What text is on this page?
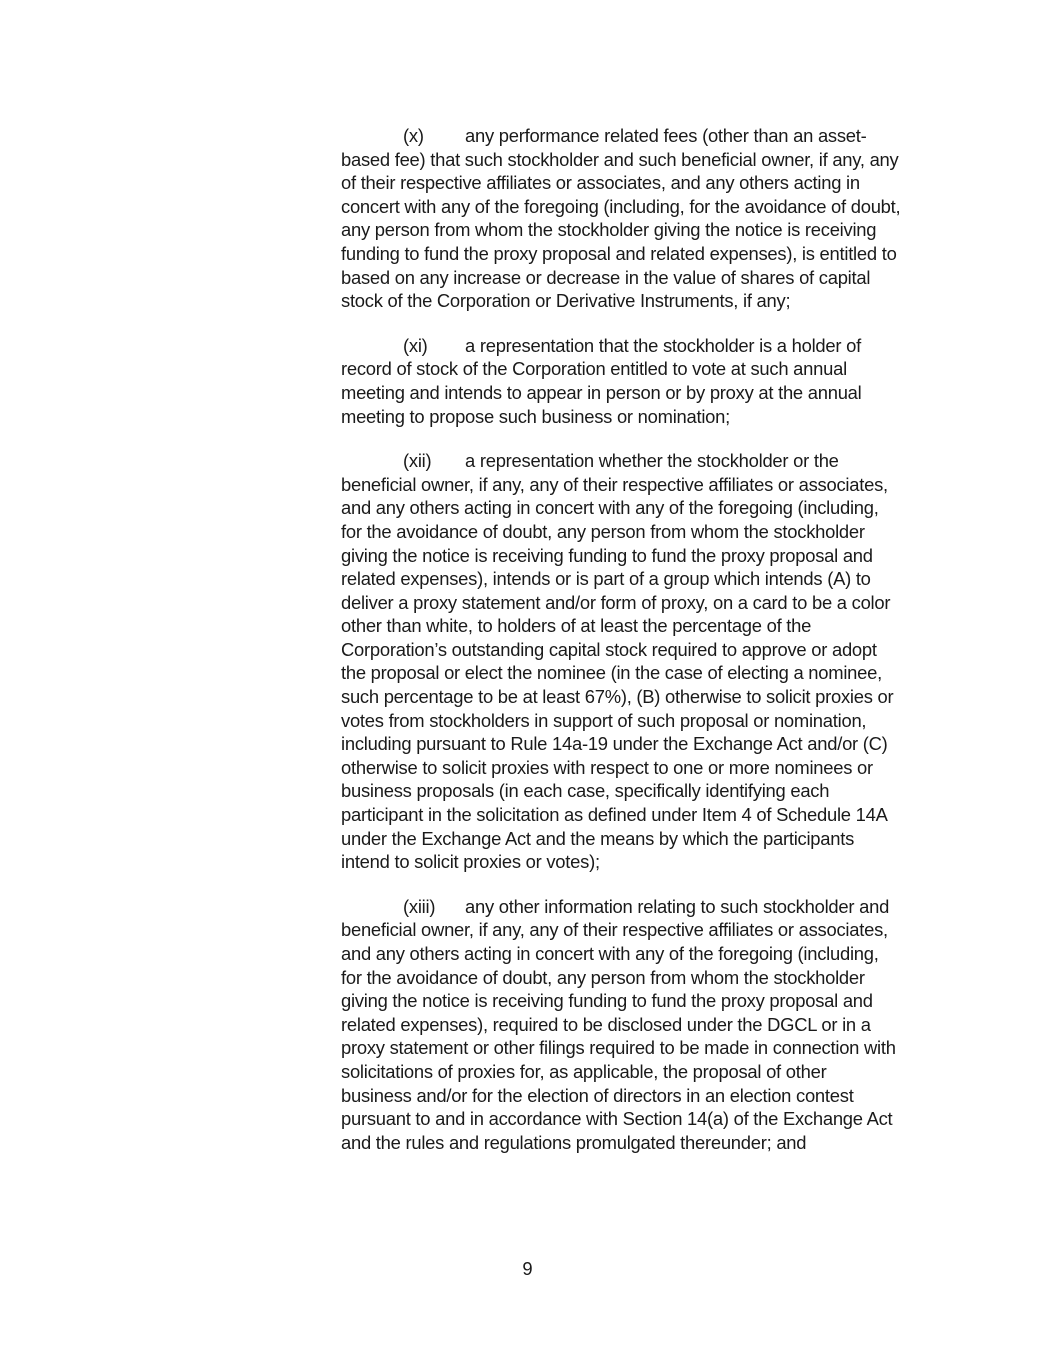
(x) any performance related fees (other than an asset-based fee) that such stockholder and such beneficial owner, if any, any of their respective affiliates or associates, and any others acting in concert with any of the foregoing (including, for the avoidance of doubt, any person from whom the stockholder giving the notice is receiving funding to fund the proxy proposal and related expenses), is entitled to based on any increase or decrease in the value of shares of capital stock of the Corporation or Derivative Instruments, if any;

(xi) a representation that the stockholder is a holder of record of stock of the Corporation entitled to vote at such annual meeting and intends to appear in person or by proxy at the annual meeting to propose such business or nomination;

(xii) a representation whether the stockholder or the beneficial owner, if any, any of their respective affiliates or associates, and any others acting in concert with any of the foregoing (including, for the avoidance of doubt, any person from whom the stockholder giving the notice is receiving funding to fund the proxy proposal and related expenses), intends or is part of a group which intends (A) to deliver a proxy statement and/or form of proxy, on a card to be a color other than white, to holders of at least the percentage of the Corporation’s outstanding capital stock required to approve or adopt the proposal or elect the nominee (in the case of electing a nominee, such percentage to be at least 67%), (B) otherwise to solicit proxies or votes from stockholders in support of such proposal or nomination, including pursuant to Rule 14a-19 under the Exchange Act and/or (C) otherwise to solicit proxies with respect to one or more nominees or business proposals (in each case, specifically identifying each participant in the solicitation as defined under Item 4 of Schedule 14A under the Exchange Act and the means by which the participants intend to solicit proxies or votes);

(xiii) any other information relating to such stockholder and beneficial owner, if any, any of their respective affiliates or associates, and any others acting in concert with any of the foregoing (including, for the avoidance of doubt, any person from whom the stockholder giving the notice is receiving funding to fund the proxy proposal and related expenses), required to be disclosed under the DGCL or in a proxy statement or other filings required to be made in connection with solicitations of proxies for, as applicable, the proposal of other business and/or for the election of directors in an election contest pursuant to and in accordance with Section 14(a) of the Exchange Act and the rules and regulations promulgated thereunder; and

9
